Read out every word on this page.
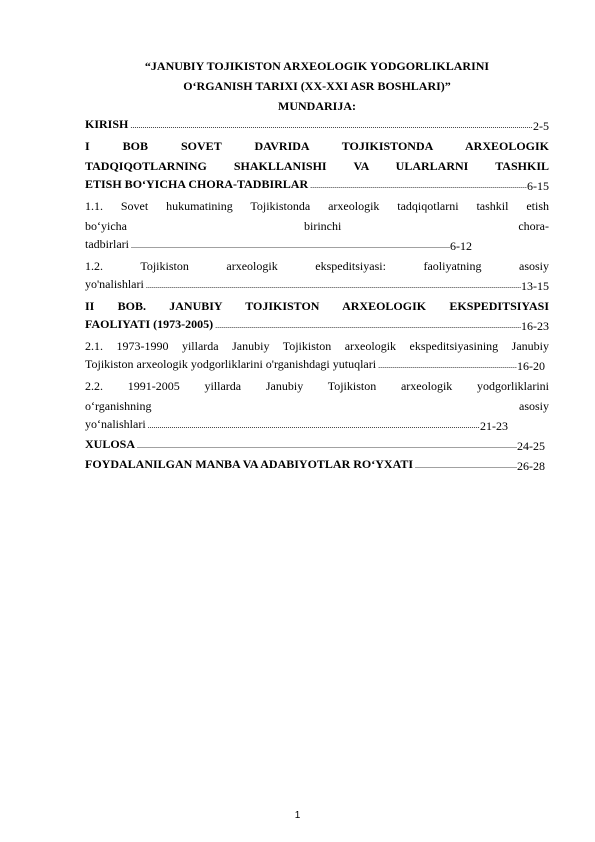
“JANUBIY TOJIKISTON ARXEOLOGIK YODGORLIKLARINI
O‘RGANISH TARIXI (XX-XXI ASR BOSHLARI)”
MUNDARIJA:
KIRISH .....	2-5
I BOB SOVET DAVRIDA TOJIKISTONDA ARXEOLOGIK
TADQIQOTLARNING SHAKLLANISHI VA ULARLARNI TASHKIL
ETISH BO‘YICHA CHORA-TADBIRLAR .....	6-15
1.1. Sovet hukumatining Tojikistonda arxeologik tadqiqotlarni tashkil etish
bo‘yicha birinchi chora-
tadbirlari .....	6-12
1.2. Tojikiston arxeologik ekspeditsiyasi: faoliyatning asosiy
yo'nalishlari .....	13-15
II BOB. JANUBIY TOJIKISTON ARXEOLOGIK EKSPEDITSIYASI
FAOLIYATI (1973-2005) .....	16-23
2.1. 1973-1990 yillarda Janubiy Tojikiston arxeologik ekspeditsiyasining Janubiy
Tojikiston arxeologik yodgorliklarini o'rganishdagi yutuqlari .....	16-20
2.2. 1991-2005 yillarda Janubiy Tojikiston arxeologik yodgorliklarini
o‘rganishning asosiy
yo‘nalishlari .....	21-23
XULOSA .....	24-25
FOYDALANILGAN MANBA VA ADABIYOTLAR RO‘YXATI .....	26-28
1
